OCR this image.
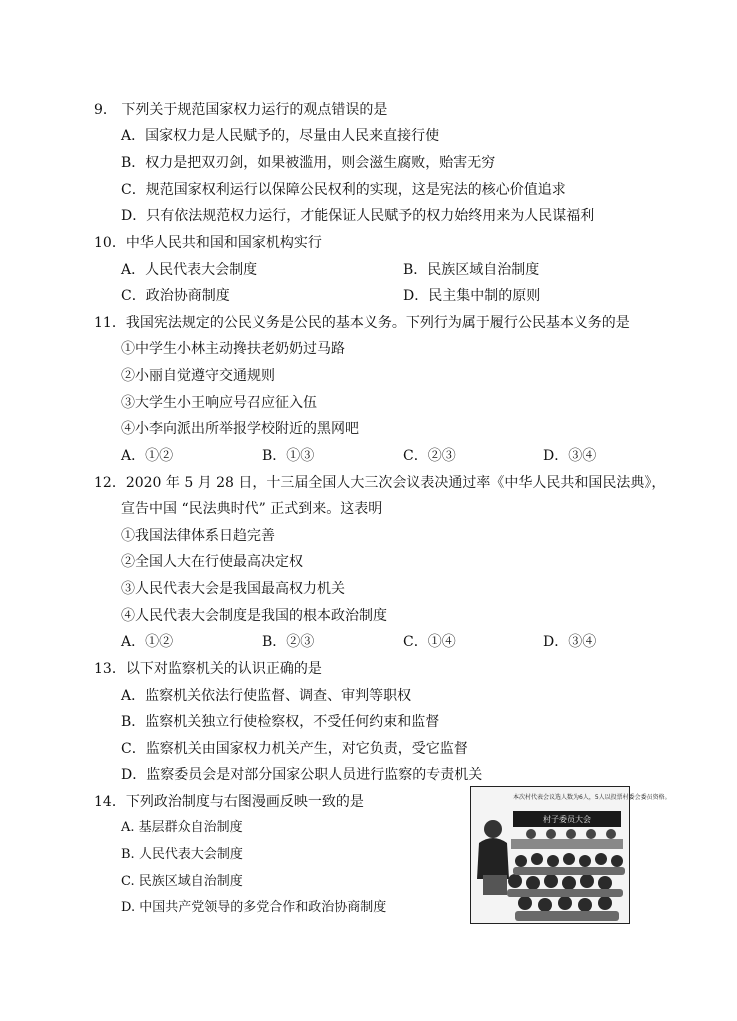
9． 下列关于规范国家权力运行的观点错误的是
A．国家权力是人民赋予的，尽量由人民来直接行使
B．权力是把双刃剑，如果被滥用，则会滋生腐败，贻害无穷
C．规范国家权利运行以保障公民权利的实现，这是宪法的核心价值追求
D．只有依法规范权力运行，才能保证人民赋予的权力始终用来为人民谋福利
10．中华人民共和国和国家机构实行
A．人民代表大会制度	B．民族区域自治制度
C．政治协商制度	D．民主集中制的原则
11．我国宪法规定的公民义务是公民的基本义务。下列行为属于履行公民基本义务的是
①中学生小林主动搀扶老奶奶过马路
②小丽自觉遵守交通规则
③大学生小王响应号召应征入伍
④小李向派出所举报学校附近的黑网吧
A．①②	B．①③	C．②③	D．③④
12．2020 年 5 月 28 日，十三届全国人大三次会议表决通过率《中华人民共和国民法典》，
宣告中国 “民法典时代” 正式到来。这表明
①我国法律体系日趋完善
②全国人大在行使最高决定权
③人民代表大会是我国最高权力机关
④人民代表大会制度是我国的根本政治制度
A．①②	B．②③	C．①④	D．③④
13．以下对监察机关的认识正确的是
A．监察机关依法行使监督、调查、审判等职权
B．监察机关独立行使检察权，不受任何约束和监督
C．监察机关由国家权力机关产生，对它负责，受它监督
D．监察委员会是对部分国家公职人员进行监察的专责机关
14．下列政治制度与右图漫画反映一致的是
A. 基层群众自治制度
B. 人民代表大会制度
C. 民族区域自治制度
D. 中国共产党领导的多党合作和政治协商制度
本次村代表会议选人数为6人，5人以投票村委会委员资格。
村子委员大会
